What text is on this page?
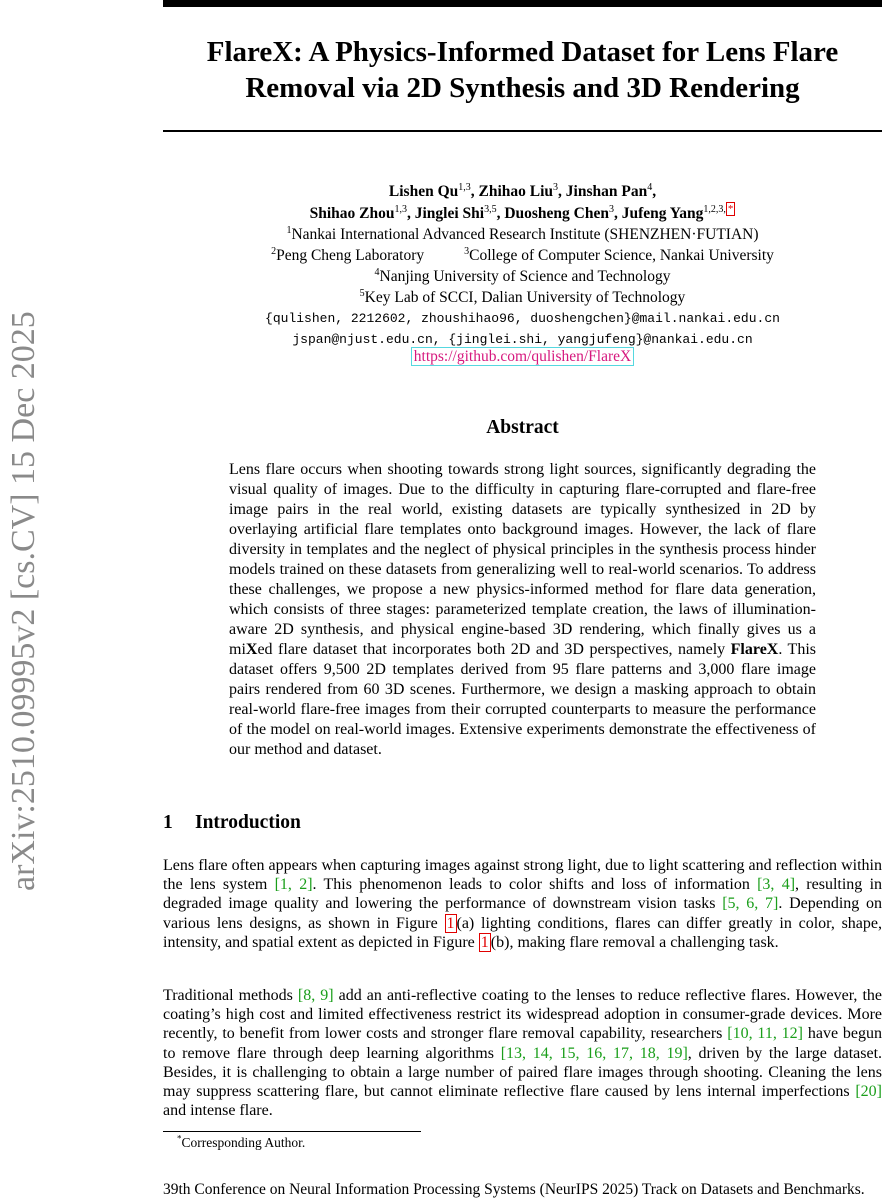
arXiv:2510.09995v2 [cs.CV] 15 Dec 2025
FlareX: A Physics-Informed Dataset for Lens Flare
Removal via 2D Synthesis and 3D Rendering
Lishen Qu$^{1,3}$, Zhihao Liu$^3$, Jinshan Pan$^4$,
Shihao Zhou$^{1,3}$, Jinglei Shi$^{3,5}$, Duosheng Chen$^3$, Jufeng Yang$^{1,2,3,}$ *
$^1$Nankai International Advanced Research Institute (SHENZHEN·FUTIAN)
$^2$Peng Cheng Laboratory	$^3$College of Computer Science, Nankai University
$^4$Nanjing University of Science and Technology
$^5$Key Lab of SCCI, Dalian University of Technology
{qulishen, 2212602, zhoushihao96, duoshengchen}@mail.nankai.edu.cn
jspan@njust.edu.cn, {jinglei.shi, yangjufeng}@nankai.edu.cn
https://github.com/qulishen/FlareX
Abstract
Lens flare occurs when shooting towards strong light sources, significantly degrading the visual quality of images. Due to the difficulty in capturing flare-corrupted and flare-free image pairs in the real world, existing datasets are typically synthesized in 2D by overlaying artificial flare templates onto background images. However, the lack of flare diversity in templates and the neglect of physical principles in the synthesis process hinder models trained on these datasets from generalizing well to real-world scenarios. To address these challenges, we propose a new physics-informed method for flare data generation, which consists of three stages: parameterized template creation, the laws of illumination-aware 2D synthesis, and physical engine-based 3D rendering, which finally gives us a miXed flare dataset that incorporates both 2D and 3D perspectives, namely FlareX. This dataset offers 9,500 2D templates derived from 95 flare patterns and 3,000 flare image pairs rendered from 60 3D scenes. Furthermore, we design a masking approach to obtain real-world flare-free images from their corrupted counterparts to measure the performance of the model on real-world images. Extensive experiments demonstrate the effectiveness of our method and dataset.
1 Introduction
Lens flare often appears when capturing images against strong light, due to light scattering and reflection within the lens system [1, 2]. This phenomenon leads to color shifts and loss of information [3, 4], resulting in degraded image quality and lowering the performance of downstream vision tasks [5, 6, 7]. Depending on various lens designs, as shown in Figure 1 (a) lighting conditions, flares can differ greatly in color, shape, intensity, and spatial extent as depicted in Figure 1 (b), making flare removal a challenging task.
Traditional methods [8, 9] add an anti-reflective coating to the lenses to reduce reflective flares. However, the coating’s high cost and limited effectiveness restrict its widespread adoption in consumer-grade devices. More recently, to benefit from lower costs and stronger flare removal capability, researchers [10, 11, 12] have begun to remove flare through deep learning algorithms [13, 14, 15, 16, 17, 18, 19], driven by the large dataset. Besides, it is challenging to obtain a large number of paired flare images through shooting. Cleaning the lens may suppress scattering flare, but cannot eliminate reflective flare caused by lens internal imperfections [20] and intense flare.
*Corresponding Author.
39th Conference on Neural Information Processing Systems (NeurIPS 2025) Track on Datasets and Benchmarks.
